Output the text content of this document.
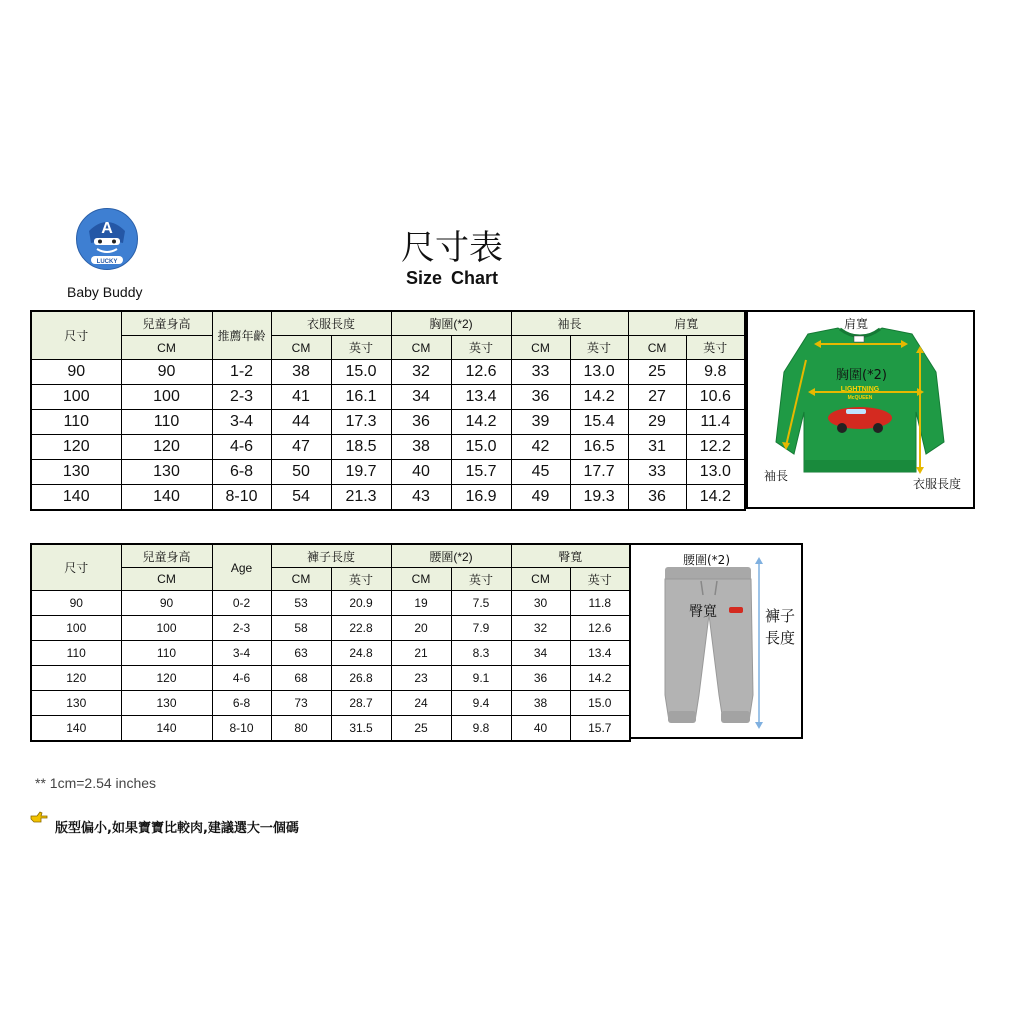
A
LUCKY
Baby Buddy
尺寸表
Size Chart
尺寸	兒童身高	推薦年齡	衣服長度		胸圍(*2)		袖長		肩寬	
	CM		CM	英寸	CM	英寸	CM	英寸	CM	英寸
90	90	1-2	38	15.0	32	12.6	33	13.0	25	9.8
100	100	2-3	41	16.1	34	13.4	36	14.2	27	10.6
110	110	3-4	44	17.3	36	14.2	39	15.4	29	11.4
120	120	4-6	47	18.5	38	15.0	42	16.5	31	12.2
130	130	6-8	50	19.7	40	15.7	45	17.7	33	13.0
140	140	8-10	54	21.3	43	16.9	49	19.3	36	14.2
肩寬
LIGHTNING
McQUEEN
胸圍(*2)
袖長
衣服長度
尺寸	兒童身高	Age	褲子長度		腰圍(*2)		臀寬	
	CM		CM	英寸	CM	英寸	CM	英寸
90	90	0-2	53	20.9	19	7.5	30	11.8
100	100	2-3	58	22.8	20	7.9	32	12.6
110	110	3-4	63	24.8	21	8.3	34	13.4
120	120	4-6	68	26.8	23	9.1	36	14.2
130	130	6-8	73	28.7	24	9.4	38	15.0
140	140	8-10	80	31.5	25	9.8	40	15.7
腰圍(*2)
臀寬	褲子
長度
** 1cm=2.54 inches
版型偏小,如果寶寶比較肉,建議選大一個碼
